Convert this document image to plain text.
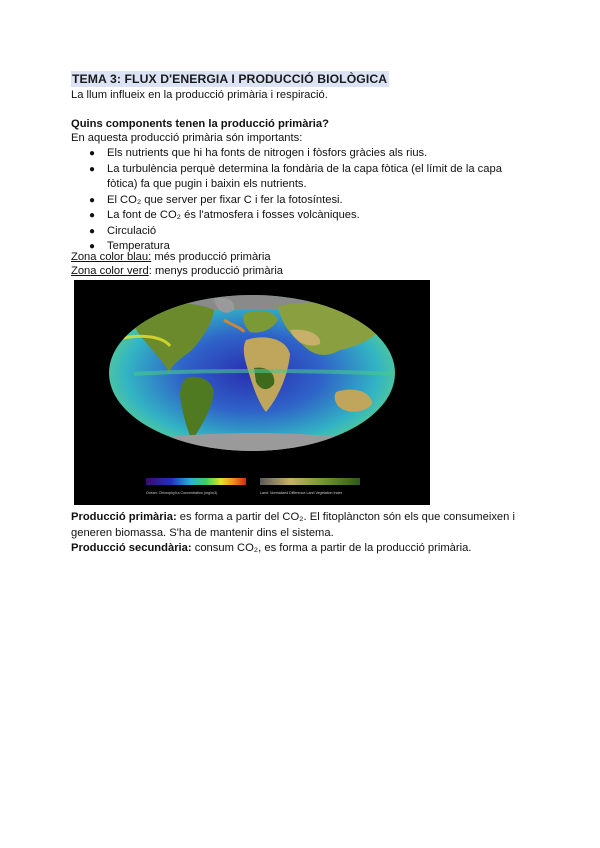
TEMA 3: FLUX D'ENERGIA I PRODUCCIÓ BIOLÒGICA
La llum influeix en la producció primària i respiració.
Quins components tenen la producció primària?
En aquesta producció primària són importants:
● Els nutrients que hi ha fonts de nitrogen i fòsfors gràcies als rius.
● La turbulència perquè determina la fondària de la capa fòtica (el límit de la capa fòtica) fa que pugin i baixin els nutrients.
● El CO₂ que server per fixar C i fer la fotosíntesi.
● La font de CO₂ és l'atmosfera i fosses volcàniques.
● Circulació
● Temperatura
Zona color blau: més producció primària
Zona color verd: menys producció primària
Ocean: Chlorophyll a Concentration (mg/m3)	Land: Normalized Difference Land Vegetation Index
Producció primària: es forma a partir del CO₂. El fitoplàncton són els que consumeixen i generen biomassa. S'ha de mantenir dins el sistema.
Producció secundària: consum CO₂, es forma a partir de la producció primària.
